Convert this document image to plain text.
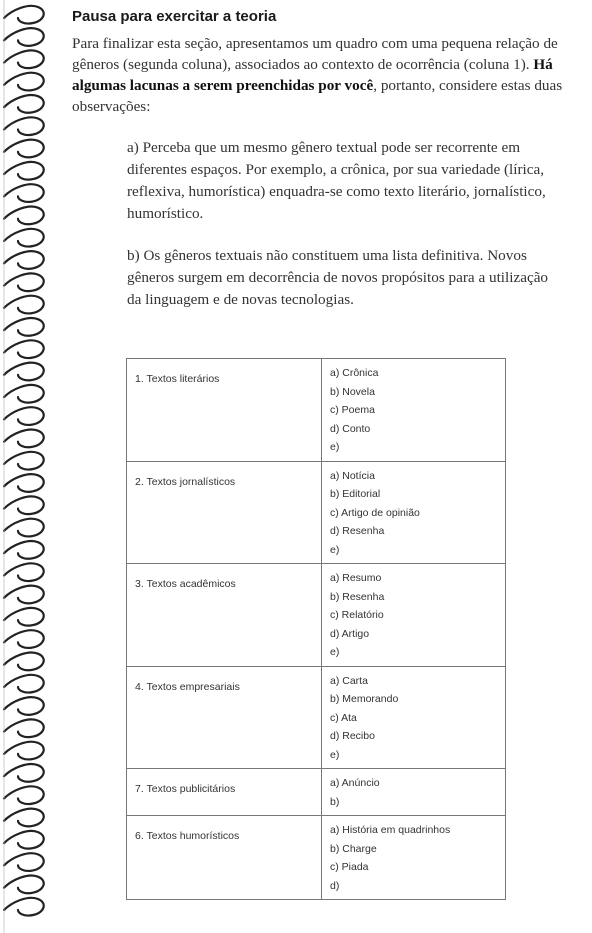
Pausa para exercitar a teoria

Para finalizar esta seção, apresentamos um quadro com uma pequena relação de gêneros (segunda coluna), associados ao contexto de ocorrência (coluna 1). Há algumas lacunas a serem preenchidas por você, portanto, considere estas duas observações:

a) Perceba que um mesmo gênero textual pode ser recorrente em diferentes espaços. Por exemplo, a crônica, por sua variedade (lírica, reflexiva, humorística) enquadra-se como texto literário, jornalístico, humorístico.

b) Os gêneros textuais não constituem uma lista definitiva. Novos gêneros surgem em decorrência de novos propósitos para a utilização da linguagem e de novas tecnologias.

1. Textos literários	a) Crônica
b) Novela
c) Poema
d) Conto
e)

2. Textos jornalísticos	a) Notícia
b) Editorial
c) Artigo de opinião
d) Resenha
e)

3. Textos acadêmicos	a) Resumo
b) Resenha
c) Relatório
d) Artigo
e)

4. Textos empresariais	a) Carta
b) Memorando
c) Ata
d) Recibo
e)

7. Textos publicitários	a) Anúncio
b)

6. Textos humorísticos	a) História em quadrinhos
b) Charge
c) Piada
d)
